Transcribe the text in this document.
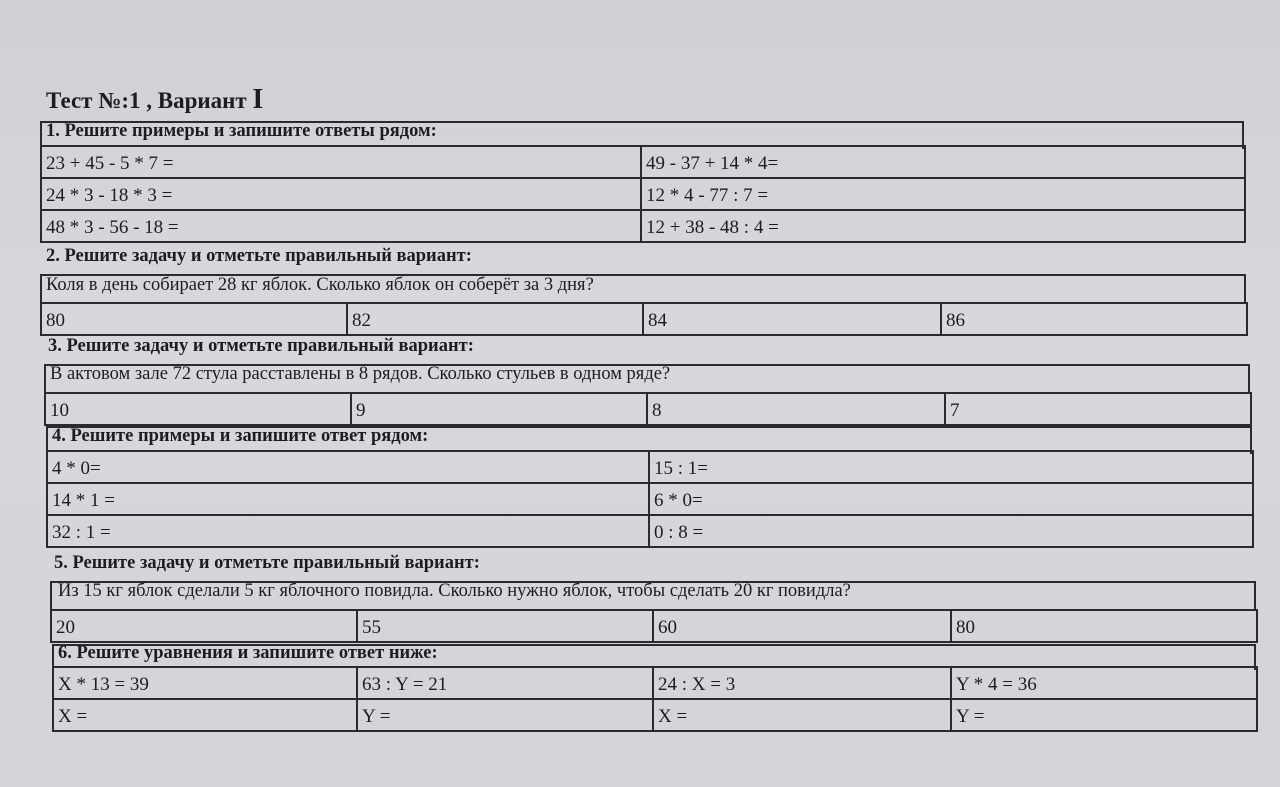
Тест №:1 , Вариант I
1. Решите примеры и запишите ответы рядом:
23 + 45 - 5 * 7 =	49 - 37 + 14 * 4=
24 * 3 - 18 * 3 =	12 * 4 - 77 : 7 =
48 * 3 - 56 - 18 =	12 + 38 - 48 : 4 =
2. Решите задачу и отметьте правильный вариант:
Коля в день собирает 28 кг яблок. Сколько яблок он соберёт за 3 дня?
80	82	84	86
3. Решите задачу и отметьте правильный вариант:
В актовом зале 72 стула расставлены в 8 рядов. Сколько стульев в одном ряде?
10	9	8	7
4. Решите примеры и запишите ответ рядом:
4 * 0=	15 : 1=
14 * 1 =	6 * 0=
32 : 1 =	0 : 8 =
5. Решите задачу и отметьте правильный вариант:
Из 15 кг яблок сделали 5 кг яблочного повидла. Сколько нужно яблок, чтобы сделать 20 кг повидла?
20	55	60	80
6. Решите уравнения и запишите ответ ниже:
X * 13 = 39	63 : Y = 21	24 : X = 3	Y * 4 = 36
X =	Y =	X =	Y =
